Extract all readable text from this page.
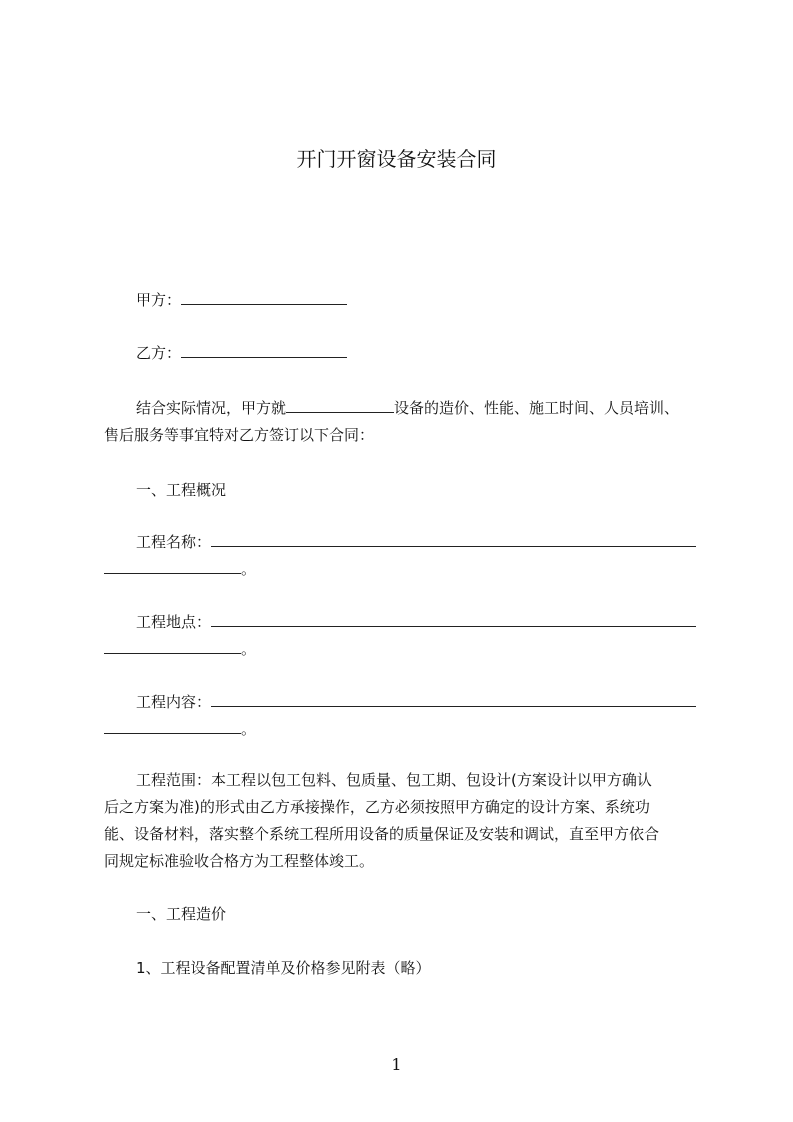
开门开窗设备安装合同
甲方：
乙方：
结合实际情况，甲方就	设备的造价、性能、施工时间、人员培训、
售后服务等事宜特对乙方签订以下合同：
一、工程概况
工程名称：
。
工程地点：
。
工程内容：
。
工程范围：本工程以包工包料、包质量、包工期、包设计(方案设计以甲方确认
后之方案为准)的形式由乙方承接操作，乙方必须按照甲方确定的设计方案、系统功
能、设备材料，落实整个系统工程所用设备的质量保证及安装和调试，直至甲方依合
同规定标准验收合格方为工程整体竣工。
一、工程造价
1、工程设备配置清单及价格参见附表（略）
1
